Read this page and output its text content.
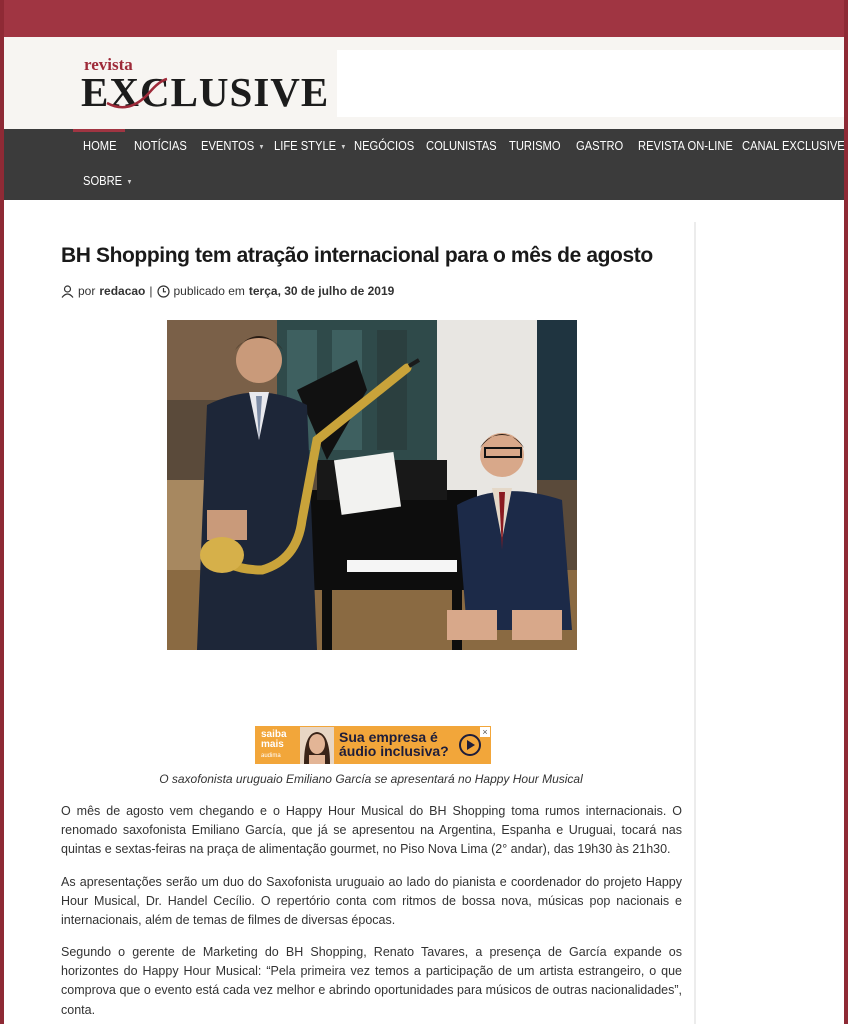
revista
EXCLUSIVE
HOME NOTÍCIAS EVENTOS ▼ LIFE STYLE ▼ NEGÓCIOS COLUNISTAS TURISMO GASTRO REVISTA ON-LINE CANAL EXCLUSIVE
SOBRE ▼
BH Shopping tem atração internacional para o mês de agosto
por redacao | publicado em terça, 30 de julho de 2019
saiba
mais
audima
Sua empresa é
áudio inclusiva?
×

O saxofonista uruguaio Emiliano García se apresentará no Happy Hour Musical

O mês de agosto vem chegando e o Happy Hour Musical do BH Shopping toma rumos internacionais. O renomado saxofonista Emiliano García, que já se apresentou na Argentina, Espanha e Uruguai, tocará nas quintas e sextas-feiras na praça de alimentação gourmet, no Piso Nova Lima (2° andar), das 19h30 às 21h30.

As apresentações serão um duo do Saxofonista uruguaio ao lado do pianista e coordenador do projeto Happy Hour Musical, Dr. Handel Cecílio. O repertório conta com ritmos de bossa nova, músicas pop nacionais e internacionais, além de temas de filmes de diversas épocas.

Segundo o gerente de Marketing do BH Shopping, Renato Tavares, a presença de García expande os horizontes do Happy Hour Musical: “Pela primeira vez temos a participação de um artista estrangeiro, o que comprova que o evento está cada vez melhor e abrindo oportunidades para músicos de outras nacionalidades”, conta.
